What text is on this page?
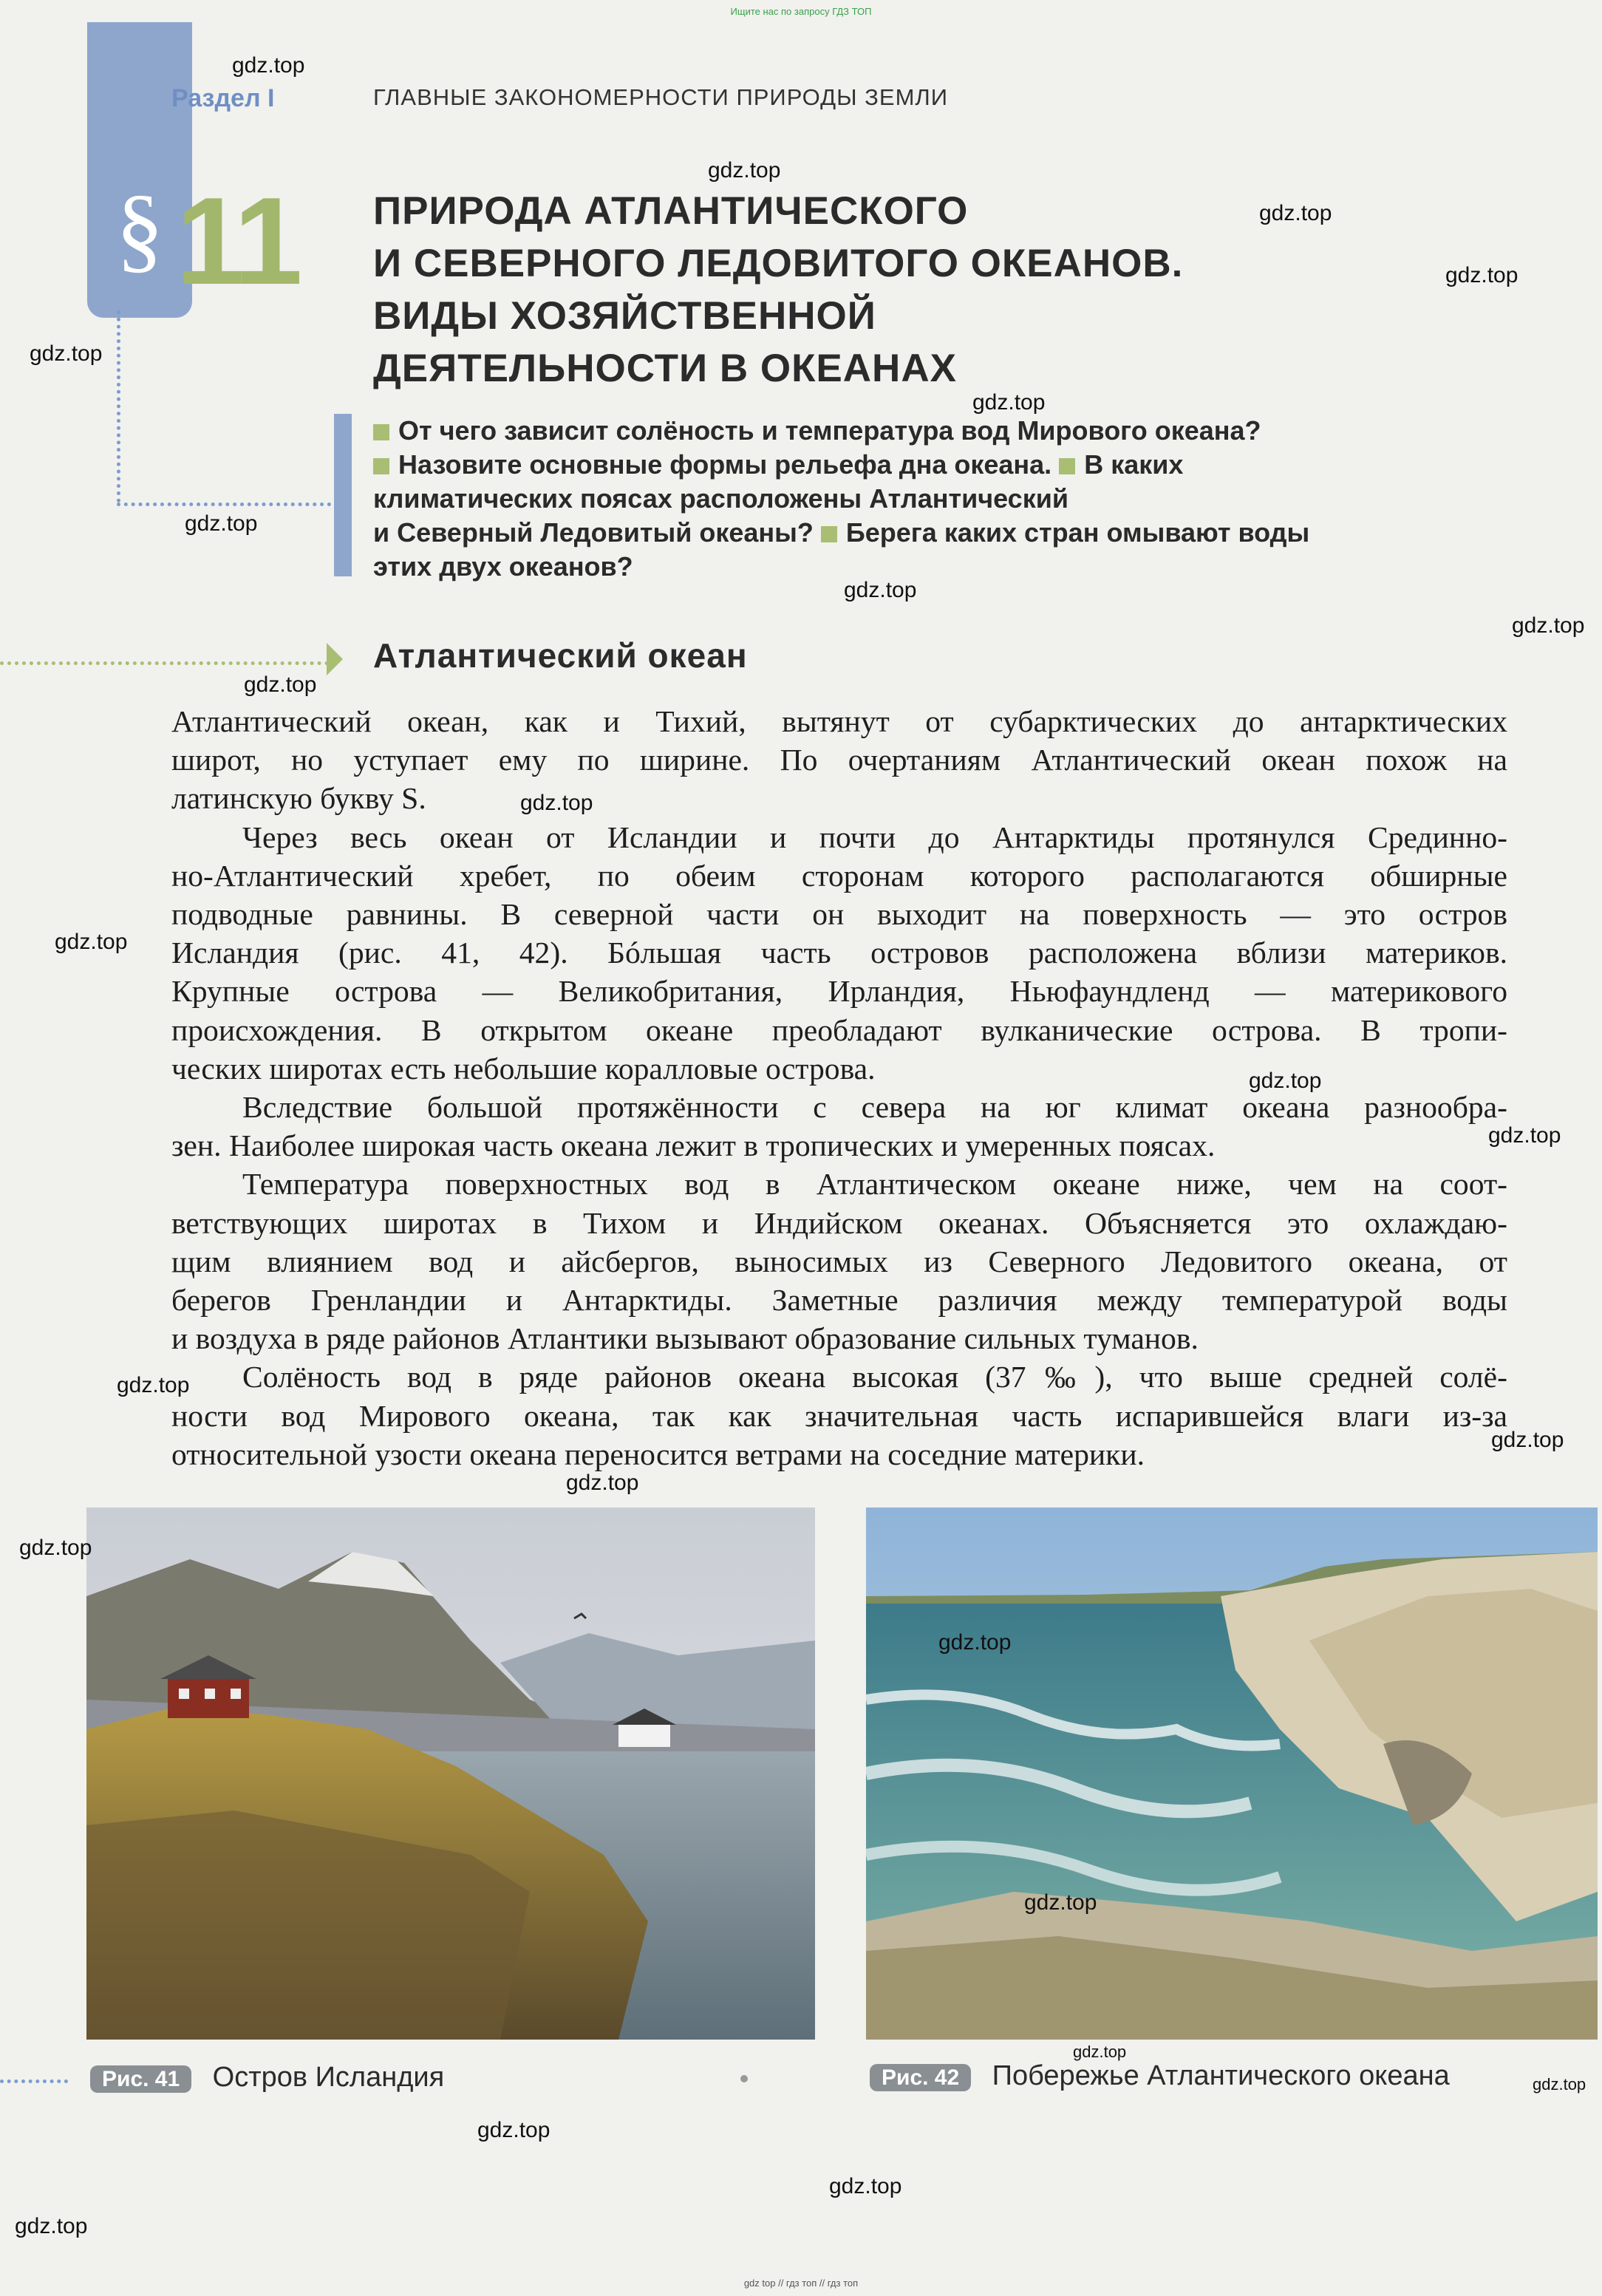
Ищите нас по запросу ГДЗ ТОП
§
Раздел I	ГЛАВНЫЕ ЗАКОНОМЕРНОСТИ ПРИРОДЫ ЗЕМЛИ
11 ПРИРОДА АТЛАНТИЧЕСКОГО
И СЕВЕРНОГО ЛЕДОВИТОГО ОКЕАНОВ.
ВИДЫ ХОЗЯЙСТВЕННОЙ
ДЕЯТЕЛЬНОСТИ В ОКЕАНАХ
От чего зависит солёность и температура вод Мирового океана?
Назовите основные формы рельефа дна океана. В каких
климатических поясах расположены Атлантический
и Северный Ледовитый океаны? Берега каких стран омывают воды
этих двух океанов?
Атлантический океан
Атлантический океан, как и Тихий, вытянут от субарктических до антарктических
широт, но уступает ему по ширине. По очертаниям Атлантический океан похож на
латинскую букву S.
Через весь океан от Исландии и почти до Антарктиды протянулся Срединно-
но-Атлантический хребет, по обеим сторонам которого располагаются обширные
подводные равнины. В северной части он выходит на поверхность — это остров
Исландия (рис. 41, 42). Бóльшая часть островов расположена вблизи материков.
Крупные острова — Великобритания, Ирландия, Ньюфаундленд — материкового
происхождения. В открытом океане преобладают вулканические острова. В тропи-
ческих широтах есть небольшие коралловые острова.
Вследствие большой протяжённости с севера на юг климат океана разнообра-
зен. Наиболее широкая часть океана лежит в тропических и умеренных поясах.
Температура поверхностных вод в Атлантическом океане ниже, чем на соот-
ветствующих широтах в Тихом и Индийском океанах. Объясняется это охлаждаю-
щим влиянием вод и айсбергов, выносимых из Северного Ледовитого океана, от
берегов Гренландии и Антарктиды. Заметные различия между температурой воды
и воздуха в ряде районов Атлантики вызывают образование сильных туманов.
Солёность вод в ряде районов океана высокая (37‰), что выше средней солё-
ности вод Мирового океана, так как значительная часть испарившейся влаги из-за
относительной узости океана переносится ветрами на соседние материки.
Рис. 41 Остров Исландия	Рис. 42 Побережье Атлантического океана
gdz.top
gdz.top
gdz.top
gdz.top
gdz.top
gdz.top
gdz.top
gdz.top
gdz.top
gdz.top
gdz.top
gdz.top
gdz.top
gdz.top
gdz.top
gdz.top
gdz.top
gdz.top
gdz.top
gdz.top
gdz.top
gdz.top
gdz.top
gdz.top
gdz.top
gdz top // гдз топ // гдз топ
